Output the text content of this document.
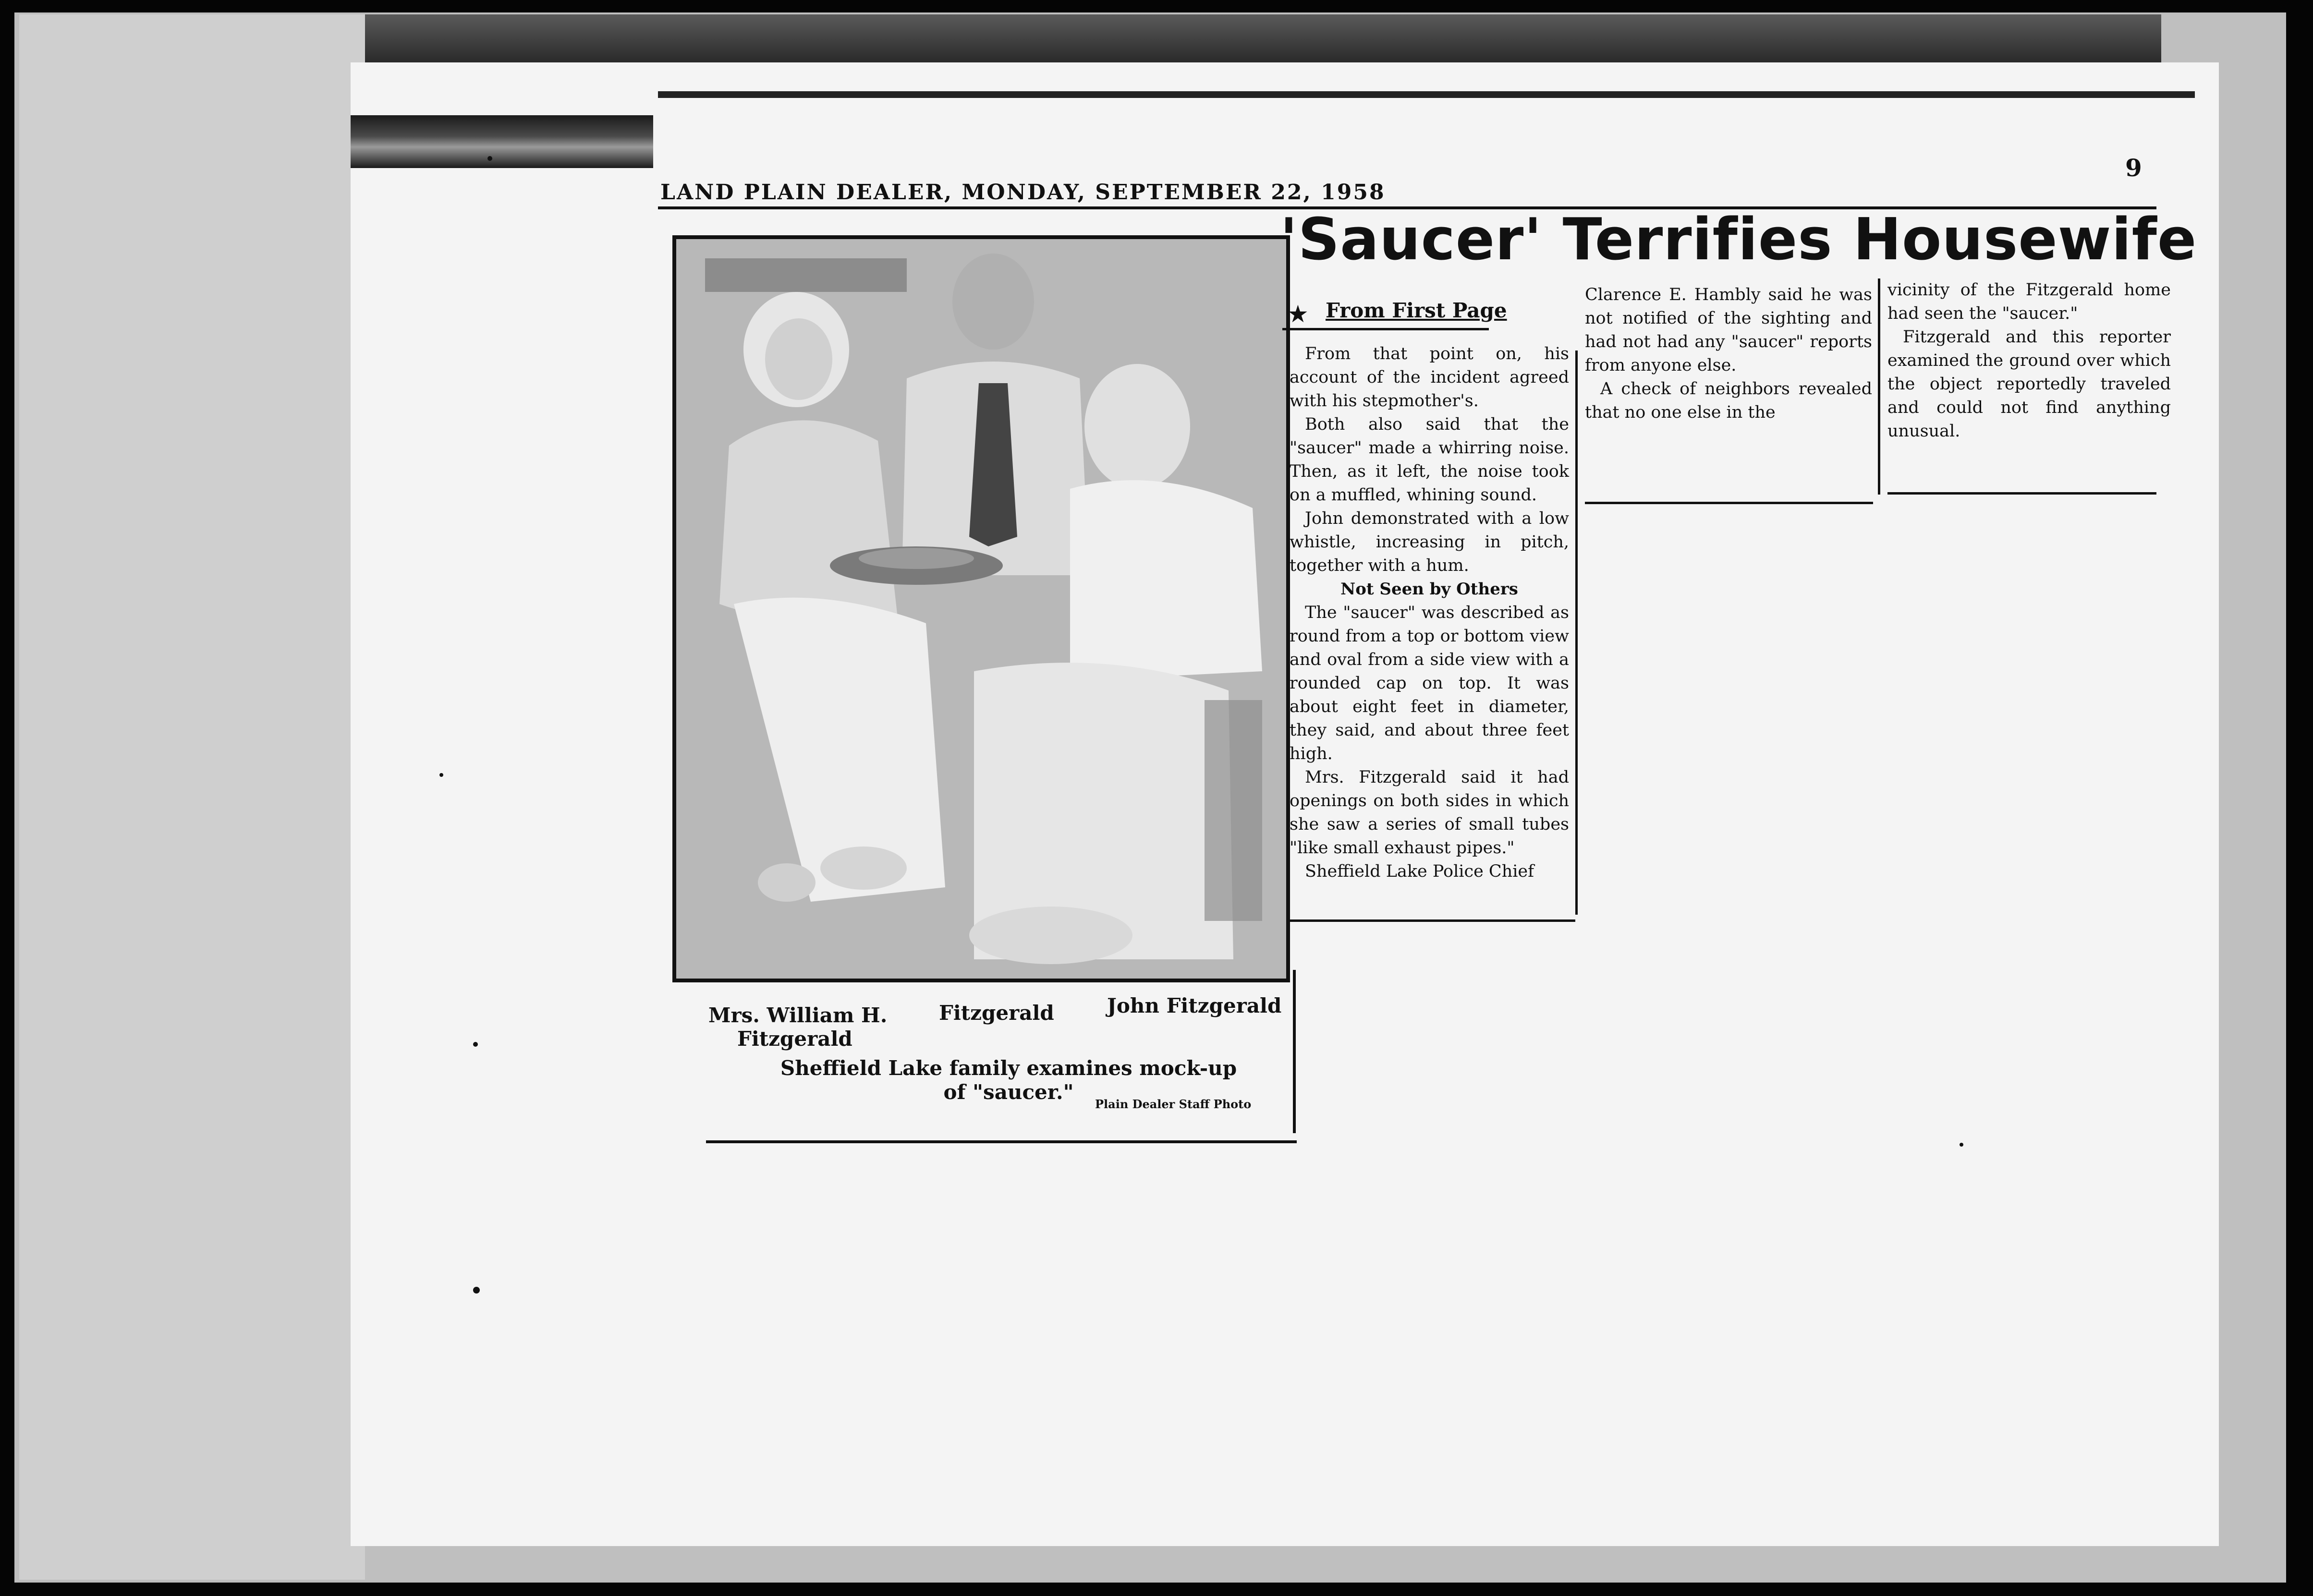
LAND PLAIN DEALER, MONDAY, SEPTEMBER 22, 1958
9
Mrs. William H.
Fitzgerald
Fitzgerald	John Fitzgerald
Sheffield Lake family examines mock-up of "saucer."
Plain Dealer Staff Photo
'Saucer' Terrifies Housewife
★ From First Page

From that point on, his account of the incident agreed with his stepmother's.

Both also said that the "saucer" made a whirring noise. Then, as it left, the noise took on a muffled, whining sound.

John demonstrated with a low whistle, increasing in pitch, together with a hum.

Not Seen by Others

The "saucer" was described as round from a top or bottom view and oval from a side view with a rounded cap on top. It was about eight feet in diameter, they said, and about three feet high.

Mrs. Fitzgerald said it had openings on both sides in which she saw a series of small tubes "like small exhaust pipes."

Sheffield Lake Police Chief

Clarence E. Hambly said he was not notified of the sighting and had not had any "saucer" reports from anyone else.

A check of neighbors revealed that no one else in the

vicinity of the Fitzgerald home had seen the "saucer."

Fitzgerald and this reporter examined the ground over which the object reportedly traveled and could not find anything unusual.
